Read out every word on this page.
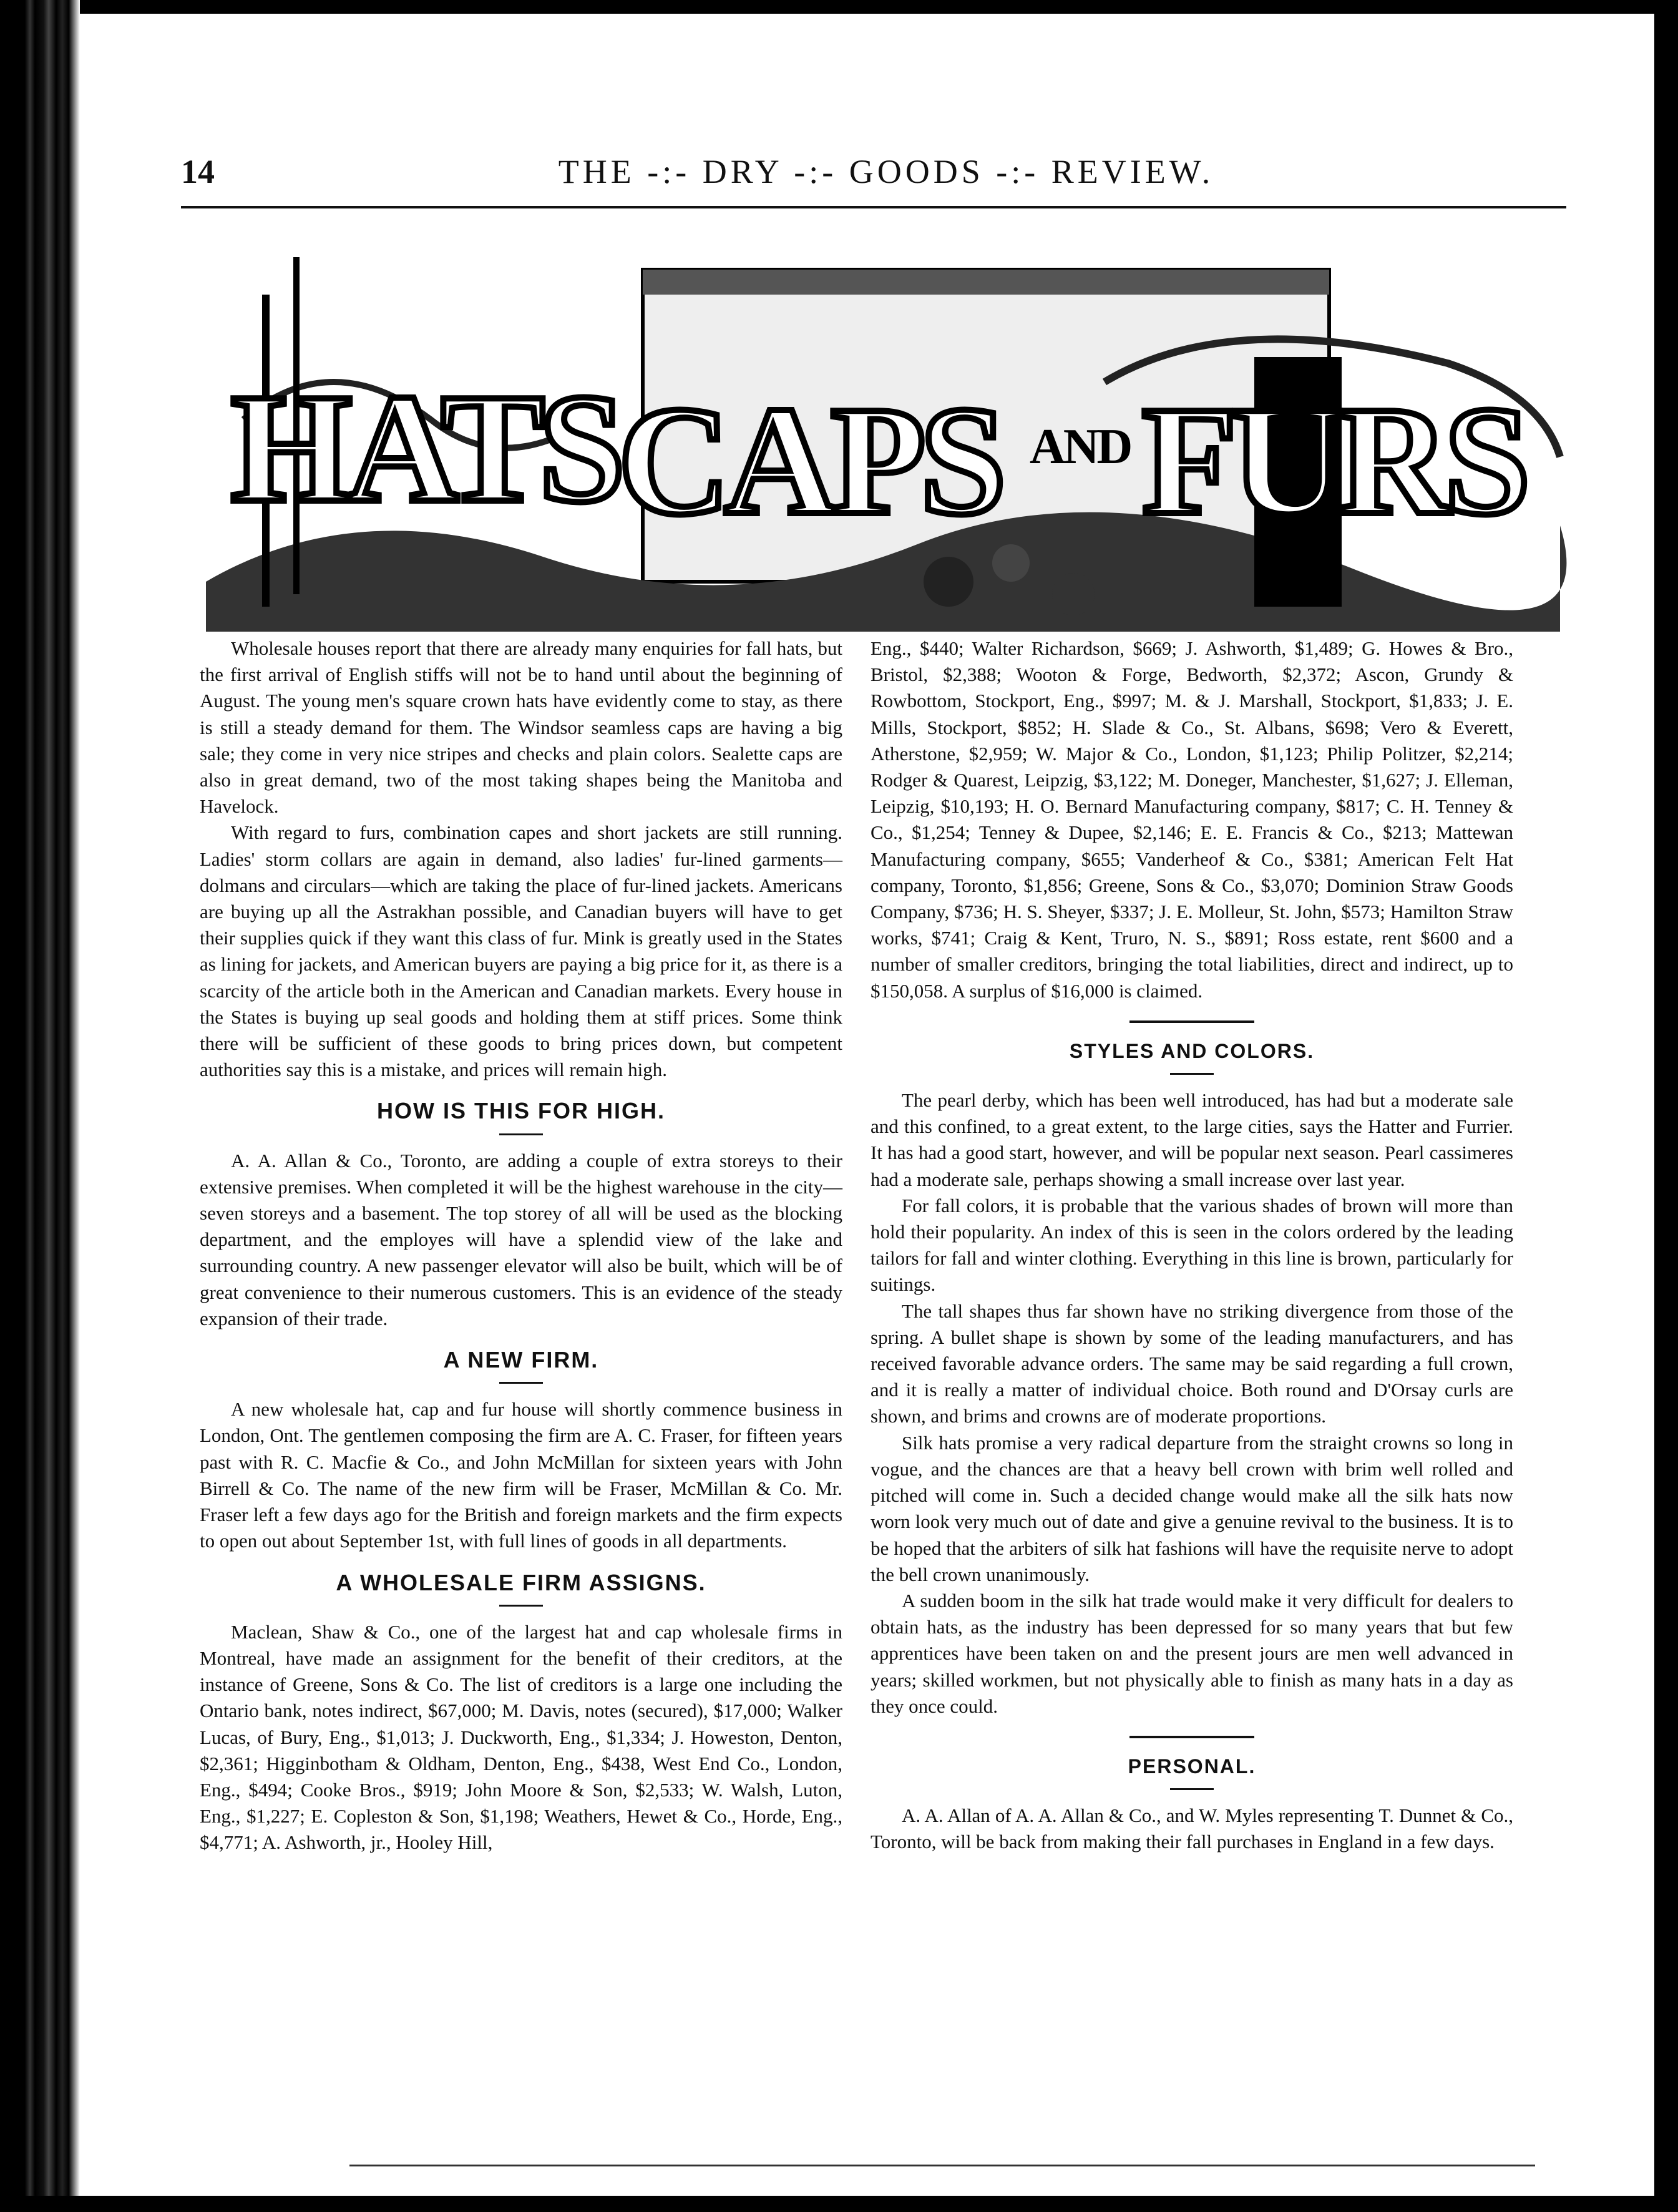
14	THE -:- DRY -:- GOODS -:- REVIEW.
HATS
CAPS AND FURS

Wholesale houses report that there are already many enquiries for fall hats, but the first arrival of English stiffs will not be to hand until about the beginning of August. The young men's square crown hats have evidently come to stay, as there is still a steady demand for them. The Windsor seamless caps are having a big sale; they come in very nice stripes and checks and plain colors. Sealette caps are also in great demand, two of the most taking shapes being the Manitoba and Havelock.

With regard to furs, combination capes and short jackets are still running. Ladies' storm collars are again in demand, also ladies' fur-lined garments—dolmans and circulars—which are taking the place of fur-lined jackets. Americans are buying up all the Astrakhan possible, and Canadian buyers will have to get their supplies quick if they want this class of fur. Mink is greatly used in the States as lining for jackets, and American buyers are paying a big price for it, as there is a scarcity of the article both in the American and Canadian markets. Every house in the States is buying up seal goods and holding them at stiff prices. Some think there will be sufficient of these goods to bring prices down, but competent authorities say this is a mistake, and prices will remain high.

HOW IS THIS FOR HIGH.

A. A. Allan & Co., Toronto, are adding a couple of extra storeys to their extensive premises. When completed it will be the highest warehouse in the city—seven storeys and a basement. The top storey of all will be used as the blocking department, and the employes will have a splendid view of the lake and surrounding country. A new passenger elevator will also be built, which will be of great convenience to their numerous customers. This is an evidence of the steady expansion of their trade.

A NEW FIRM.

A new wholesale hat, cap and fur house will shortly commence business in London, Ont. The gentlemen composing the firm are A. C. Fraser, for fifteen years past with R. C. Macfie & Co., and John McMillan for sixteen years with John Birrell & Co. The name of the new firm will be Fraser, McMillan & Co. Mr. Fraser left a few days ago for the British and foreign markets and the firm expects to open out about September 1st, with full lines of goods in all departments.

A WHOLESALE FIRM ASSIGNS.

Maclean, Shaw & Co., one of the largest hat and cap wholesale firms in Montreal, have made an assignment for the benefit of their creditors, at the instance of Greene, Sons & Co. The list of creditors is a large one including the Ontario bank, notes indirect, $67,000; M. Davis, notes (secured), $17,000; Walker Lucas, of Bury, Eng., $1,013; J. Duckworth, Eng., $1,334; J. Howeston, Denton, $2,361; Higginbotham & Oldham, Denton, Eng., $438, West End Co., London, Eng., $494; Cooke Bros., $919; John Moore & Son, $2,533; W. Walsh, Luton, Eng., $1,227; E. Copleston & Son, $1,198; Weathers, Hewet & Co., Horde, Eng., $4,771; A. Ashworth, jr., Hooley Hill,

Eng., $440; Walter Richardson, $669; J. Ashworth, $1,489; G. Howes & Bro., Bristol, $2,388; Wooton & Forge, Bedworth, $2,372; Ascon, Grundy & Rowbottom, Stockport, Eng., $997; M. & J. Marshall, Stockport, $1,833; J. E. Mills, Stockport, $852; H. Slade & Co., St. Albans, $698; Vero & Everett, Atherstone, $2,959; W. Major & Co., London, $1,123; Philip Politzer, $2,214; Rodger & Quarest, Leipzig, $3,122; M. Doneger, Manchester, $1,627; J. Elleman, Leipzig, $10,193; H. O. Bernard Manufacturing company, $817; C. H. Tenney & Co., $1,254; Tenney & Dupee, $2,146; E. E. Francis & Co., $213; Mattewan Manufacturing company, $655; Vanderheof & Co., $381; American Felt Hat company, Toronto, $1,856; Greene, Sons & Co., $3,070; Dominion Straw Goods Company, $736; H. S. Sheyer, $337; J. E. Molleur, St. John, $573; Hamilton Straw works, $741; Craig & Kent, Truro, N. S., $891; Ross estate, rent $600 and a number of smaller creditors, bringing the total liabilities, direct and indirect, up to $150,058. A surplus of $16,000 is claimed.

STYLES AND COLORS.

The pearl derby, which has been well introduced, has had but a moderate sale and this confined, to a great extent, to the large cities, says the Hatter and Furrier. It has had a good start, however, and will be popular next season. Pearl cassimeres had a moderate sale, perhaps showing a small increase over last year.

For fall colors, it is probable that the various shades of brown will more than hold their popularity. An index of this is seen in the colors ordered by the leading tailors for fall and winter clothing. Everything in this line is brown, particularly for suitings.

The tall shapes thus far shown have no striking divergence from those of the spring. A bullet shape is shown by some of the leading manufacturers, and has received favorable advance orders. The same may be said regarding a full crown, and it is really a matter of individual choice. Both round and D'Orsay curls are shown, and brims and crowns are of moderate proportions.

Silk hats promise a very radical departure from the straight crowns so long in vogue, and the chances are that a heavy bell crown with brim well rolled and pitched will come in. Such a decided change would make all the silk hats now worn look very much out of date and give a genuine revival to the business. It is to be hoped that the arbiters of silk hat fashions will have the requisite nerve to adopt the bell crown unanimously.

A sudden boom in the silk hat trade would make it very difficult for dealers to obtain hats, as the industry has been depressed for so many years that but few apprentices have been taken on and the present jours are men well advanced in years; skilled workmen, but not physically able to finish as many hats in a day as they once could.

PERSONAL.

A. A. Allan of A. A. Allan & Co., and W. Myles representing T. Dunnet & Co., Toronto, will be back from making their fall purchases in England in a few days.
